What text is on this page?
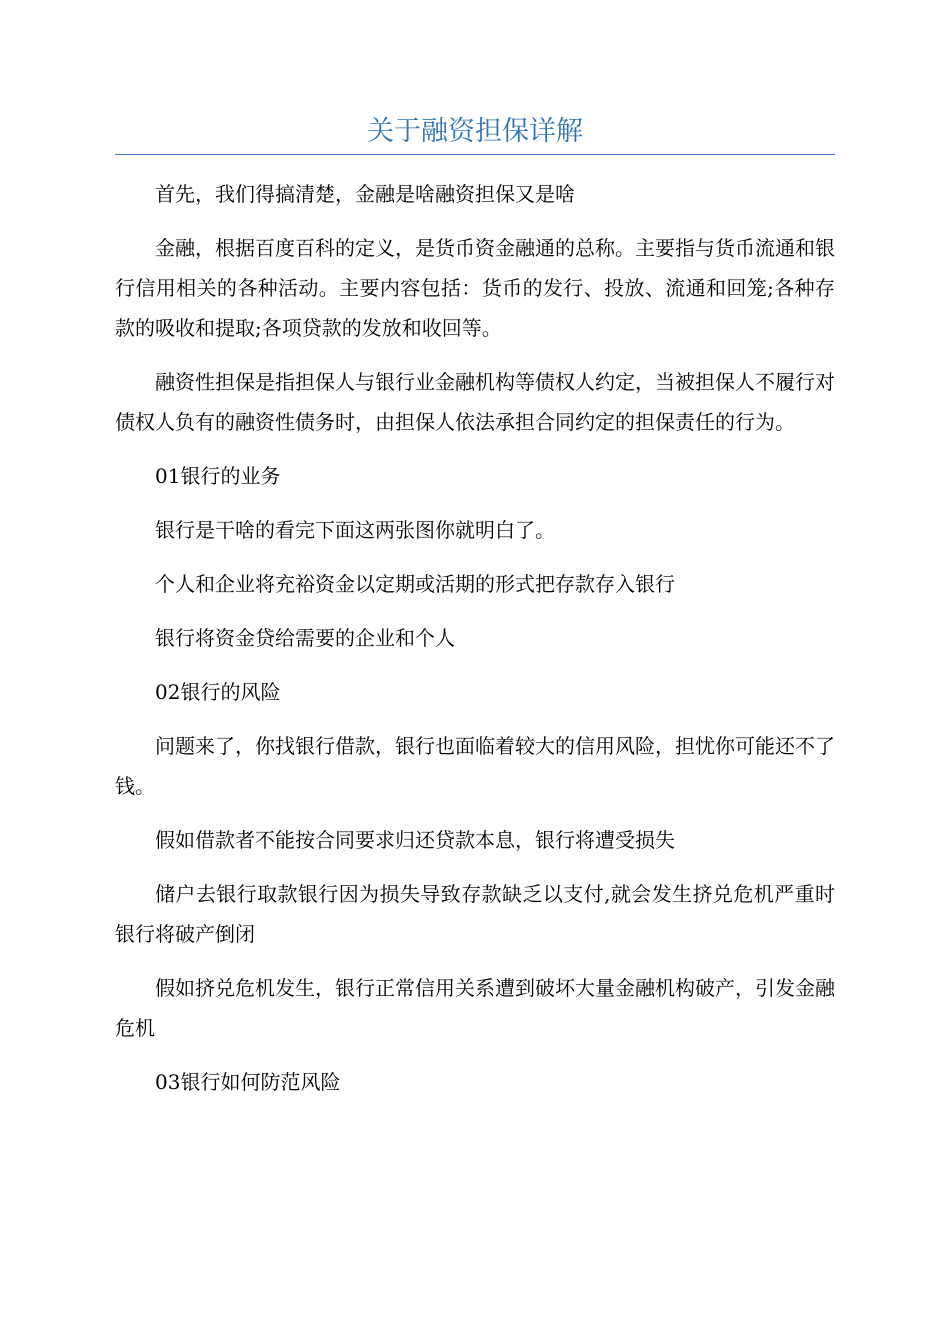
关于融资担保详解

首先，我们得搞清楚，金融是啥融资担保又是啥

金融，根据百度百科的定义，是货币资金融通的总称。主要指与货币流通和银行信用相关的各种活动。主要内容包括：货币的发行、投放、流通和回笼;各种存款的吸收和提取;各项贷款的发放和收回等。

融资性担保是指担保人与银行业金融机构等债权人约定，当被担保人不履行对债权人负有的融资性债务时，由担保人依法承担合同约定的担保责任的行为。

01银行的业务

银行是干啥的看完下面这两张图你就明白了。

个人和企业将充裕资金以定期或活期的形式把存款存入银行

银行将资金贷给需要的企业和个人

02银行的风险

问题来了，你找银行借款，银行也面临着较大的信用风险，担忧你可能还不了钱。

假如借款者不能按合同要求归还贷款本息，银行将遭受损失

储户去银行取款银行因为损失导致存款缺乏以支付,就会发生挤兑危机严重时银行将破产倒闭

假如挤兑危机发生，银行正常信用关系遭到破坏大量金融机构破产，引发金融危机

03银行如何防范风险
